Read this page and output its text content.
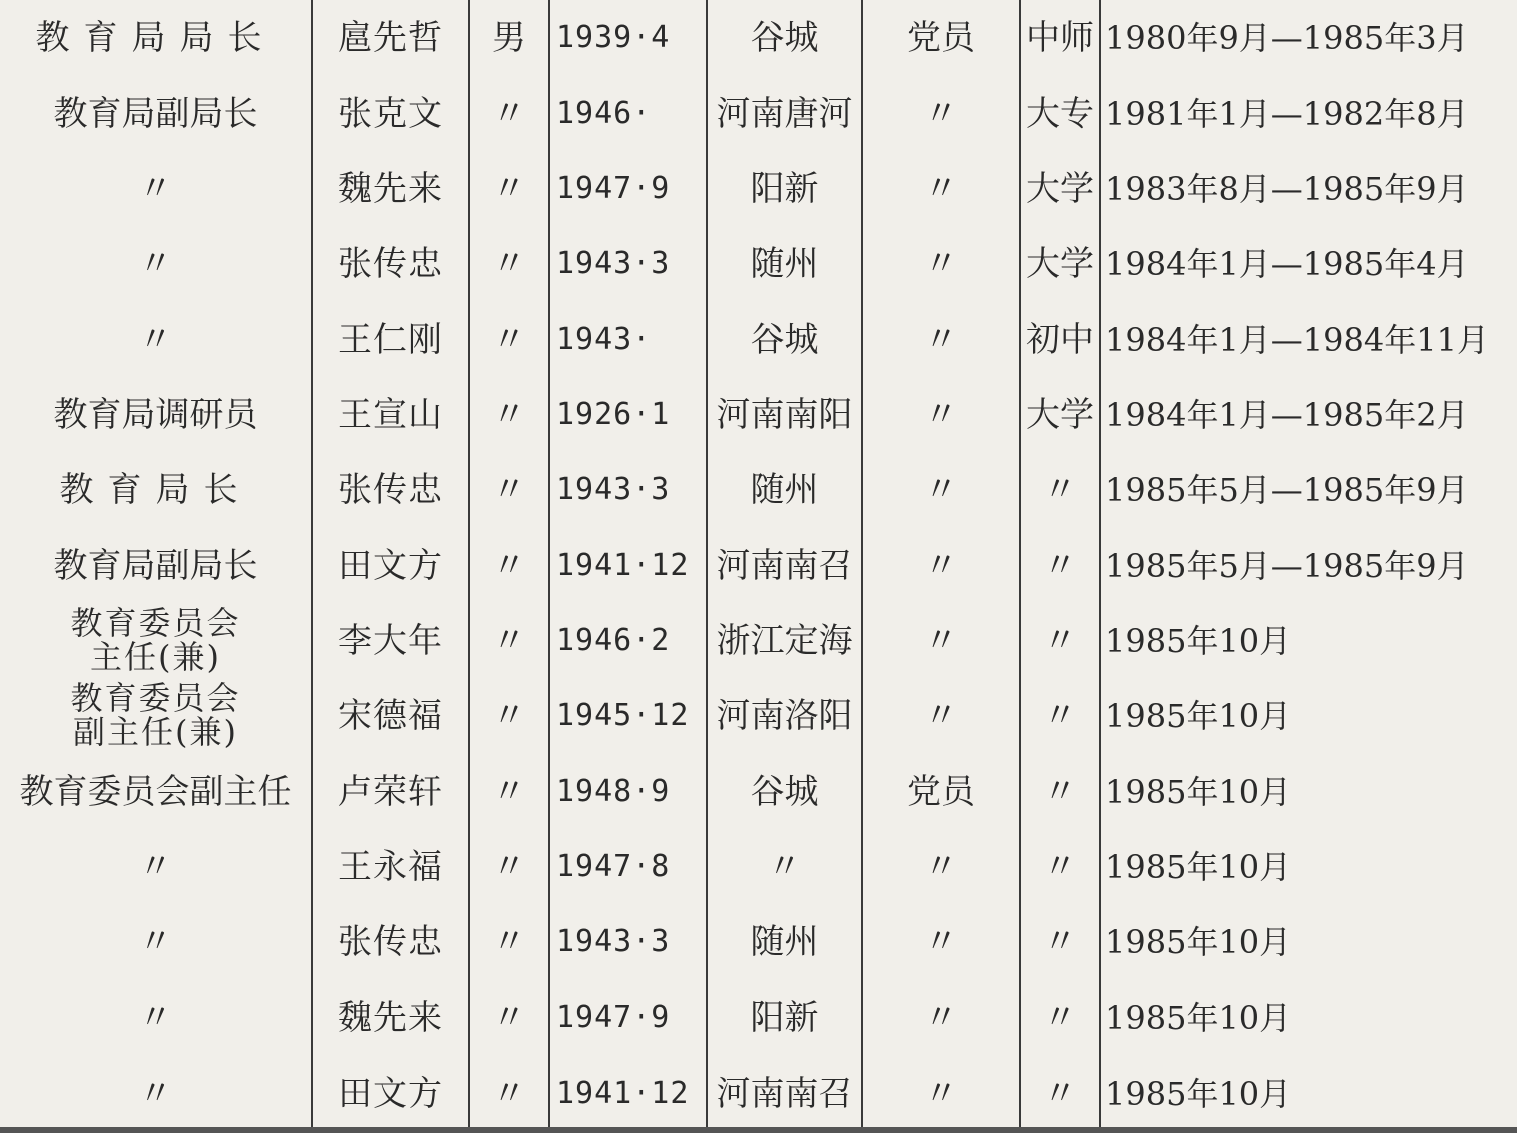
教育局局长	扈先哲	男	1939·4	谷城	党员	中师	1980年9月—1985年3月
教育局副局长	张克文	〃	1946·	河南唐河	〃	大专	1981年1月—1982年8月
〃	魏先来	〃	1947·9	阳新	〃	大学	1983年8月—1985年9月
〃	张传忠	〃	1943·3	随州	〃	大学	1984年1月—1985年4月
〃	王仁刚	〃	1943·	谷城	〃	初中	1984年1月—1984年11月
教育局调研员	王宣山	〃	1926·1	河南南阳	〃	大学	1984年1月—1985年2月
教育局长	张传忠	〃	1943·3	随州	〃	〃	1985年5月—1985年9月
教育局副局长	田文方	〃	1941·12	河南南召	〃	〃	1985年5月—1985年9月

教育委员会
主任(兼)	李大年	〃	1946·2	浙江定海	〃	〃	1985年10月

教育委员会
副主任(兼)	宋德福	〃	1945·12	河南洛阳	〃	〃	1985年10月
教育委员会副主任	卢荣轩	〃	1948·9	谷城	党员	〃	1985年10月
〃	王永福	〃	1947·8	〃	〃	〃	1985年10月
〃	张传忠	〃	1943·3	随州	〃	〃	1985年10月
〃	魏先来	〃	1947·9	阳新	〃	〃	1985年10月
〃	田文方	〃	1941·12	河南南召	〃	〃	1985年10月
